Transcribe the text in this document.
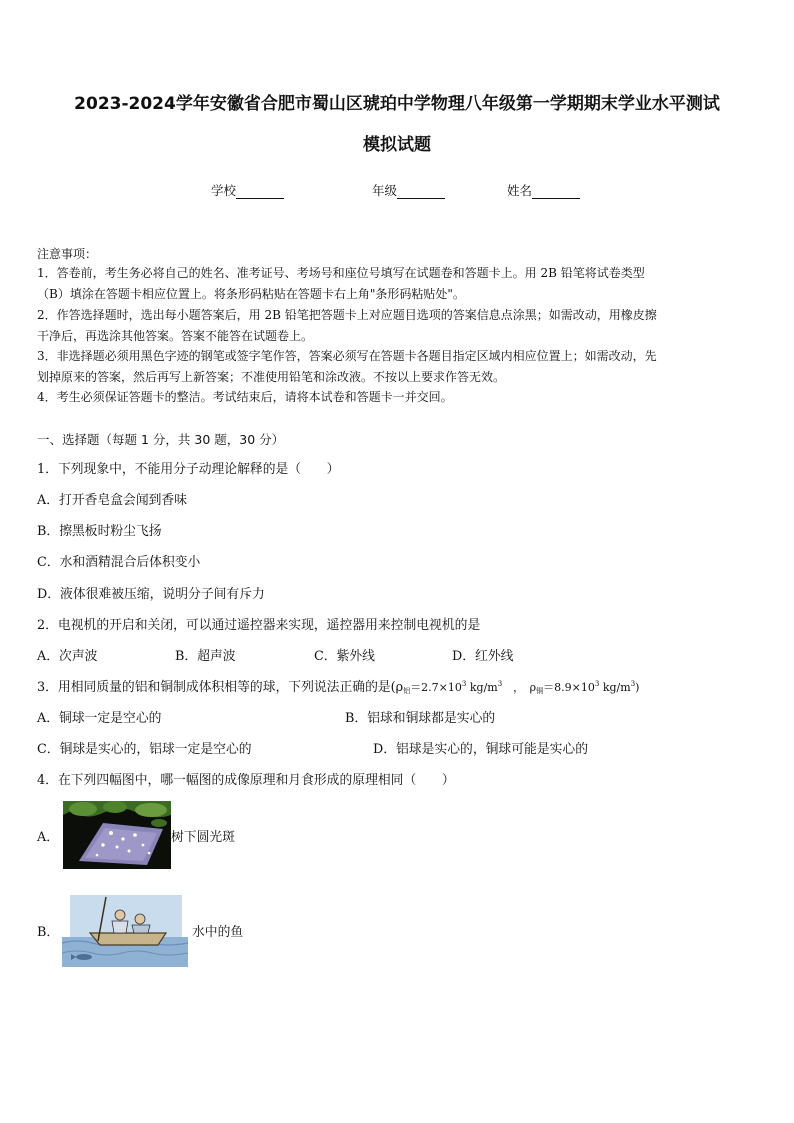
2023-2024学年安徽省合肥市蜀山区琥珀中学物理八年级第一学期期末学业水平测试
模拟试题
学校	年级	姓名
注意事项：
1．答卷前，考生务必将自己的姓名、准考证号、考场号和座位号填写在试题卷和答题卡上。用 2B 铅笔将试卷类型
（B）填涂在答题卡相应位置上。将条形码粘贴在答题卡右上角"条形码粘贴处"。
2．作答选择题时，选出每小题答案后，用 2B 铅笔把答题卡上对应题目选项的答案信息点涂黑；如需改动，用橡皮擦
干净后，再选涂其他答案。答案不能答在试题卷上。
3．非选择题必须用黑色字迹的钢笔或签字笔作答，答案必须写在答题卡各题目指定区域内相应位置上；如需改动，先
划掉原来的答案，然后再写上新答案；不准使用铅笔和涂改液。不按以上要求作答无效。
4．考生必须保证答题卡的整洁。考试结束后，请将本试卷和答题卡一并交回。
一、选择题（每题 1 分，共 30 题，30 分）
1．下列现象中，不能用分子动理论解释的是（　　）
A．打开香皂盒会闻到香味
B．擦黑板时粉尘飞扬
C．水和酒精混合后体积变小
D．液体很难被压缩，说明分子间有斥力
2．电视机的开启和关闭，可以通过遥控器来实现，遥控器用来控制电视机的是
A．次声波	B．超声波	C．紫外线	D．红外线
3．用相同质量的铝和铜制成体积相等的球，下列说法正确的是($\rho_铝=2.7\times 10^3$ $kg/m^3$　，　$\rho_铜=8.9\times 10^3$ $kg/m^3$)
A．铜球一定是空心的	B．铝球和铜球都是实心的
C．铜球是实心的，铝球一定是空心的	D．铝球是实心的，铜球可能是实心的
4．在下列四幅图中，哪一幅图的成像原理和月食形成的原理相同（　　）
A．	树下圆光斑
B．	水中的鱼
